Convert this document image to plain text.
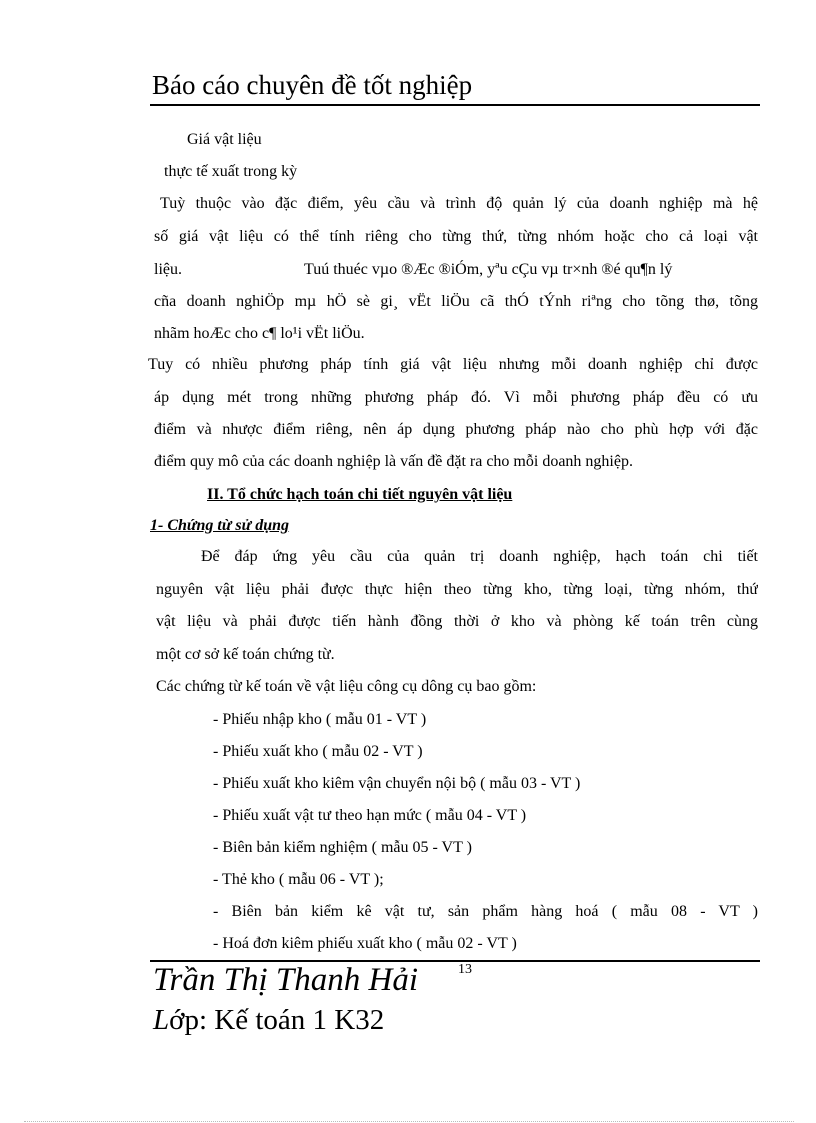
Báo cáo chuyên đề tốt nghiệp
Giá vật liệu
thực tế xuất trong kỳ
Tuỳ thuộc vào đặc điểm, yêu cầu và trình độ quản lý của doanh nghiệp mà hệ
số giá vật liệu có thể tính riêng cho từng thứ, từng nhóm hoặc cho cả loại vật
liệu.	Tuú thuéc vµo ®Æc ®iÓm, yªu cÇu vµ tr×nh ®é qu¶n lý
cña doanh nghiÖp mµ hÖ sè gi¸ vËt liÖu cã thÓ tÝnh riªng cho tõng thø, tõng
nhãm hoÆc cho c¶ lo¹i vËt liÖu.
Tuy có nhiều phương pháp tính giá vật liệu nhưng mỗi doanh nghiệp chỉ được
áp dụng mét trong những phương pháp đó. Vì mỗi phương pháp đều có ưu
điểm và nhược điểm riêng, nên áp dụng phương pháp nào cho phù hợp với đặc
điểm quy mô của các doanh nghiệp là vấn đề đặt ra cho mỗi doanh nghiệp.
II. Tổ chức hạch toán chi tiết nguyên vật liệu
1- Chứng từ sử dụng
Để đáp ứng yêu cầu của quản trị doanh nghiệp, hạch toán chi tiết
nguyên vật liệu phải được thực hiện theo từng kho, từng loại, từng nhóm, thứ
vật liệu và phải được tiến hành đồng thời ở kho và phòng kế toán trên cùng
một cơ sở kế toán chứng từ.
Các chứng từ kế toán về vật liệu công cụ dông cụ bao gồm:
- Phiếu nhập kho ( mẫu 01 - VT )
- Phiếu xuất kho ( mẫu 02 - VT )
- Phiếu xuất kho kiêm vận chuyển nội bộ ( mẫu 03 - VT )
- Phiếu xuất vật tư theo hạn mức ( mẫu 04 - VT )
- Biên bản kiểm nghiệm ( mẫu 05 - VT )
- Thẻ kho ( mẫu 06 - VT );
- Biên bản kiểm kê vật tư, sản phẩm hàng hoá ( mẫu 08 - VT )
- Hoá đơn kiêm phiếu xuất kho ( mẫu 02 - VT )
13
Trần Thị Thanh Hải
Lớp: Kế toán 1 K32
